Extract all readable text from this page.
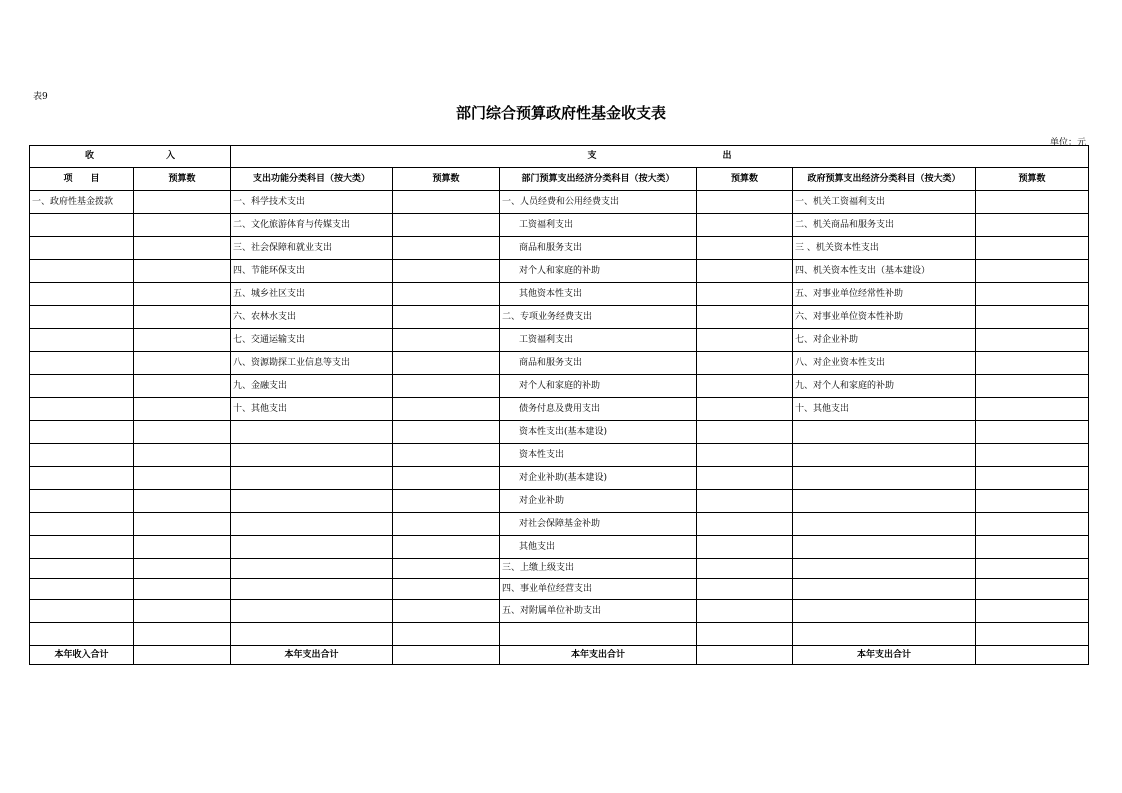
表9
部门综合预算政府性基金收支表
单位：元
收　　　　　　　　入		支　　　　　　　　　　　　　　出					
项　　目	预算数	支出功能分类科目（按大类）	预算数	部门预算支出经济分类科目（按大类）	预算数	政府预算支出经济分类科目（按大类）	预算数
一、政府性基金拨款		一、科学技术支出		一、人员经费和公用经费支出		一、机关工资福利支出	
		二、文化旅游体育与传媒支出		工资福利支出		二、机关商品和服务支出	
		三、社会保障和就业支出		商品和服务支出		三 、机关资本性支出	
		四、节能环保支出		对个人和家庭的补助		四、机关资本性支出（基本建设）	
		五、城乡社区支出		其他资本性支出		五、对事业单位经常性补助	
		六、农林水支出		二、专项业务经费支出		六、对事业单位资本性补助	
		七、交通运输支出		工资福利支出		七、对企业补助	
		八、资源勘探工业信息等支出		商品和服务支出		八、对企业资本性支出	
		九、金融支出		对个人和家庭的补助		九、对个人和家庭的补助	
		十、其他支出		债务付息及费用支出		十、其他支出	
				资本性支出(基本建设)			
				资本性支出			
				对企业补助(基本建设)			
				对企业补助			
				对社会保障基金补助			
				其他支出			
				三、上缴上级支出			
				四、事业单位经营支出			
				五、对附属单位补助支出			

本年收入合计		本年支出合计		本年支出合计		本年支出合计	
